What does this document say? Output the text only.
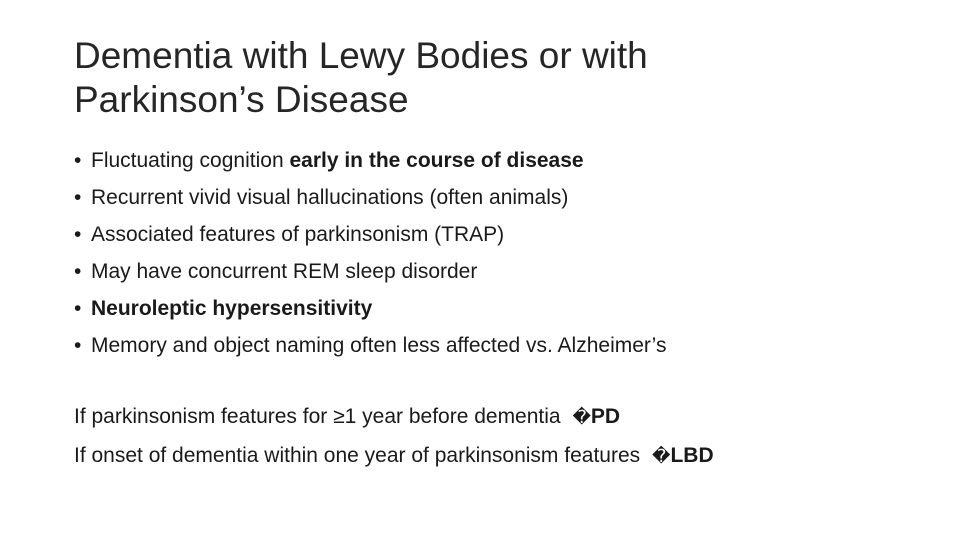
Dementia with Lewy Bodies or with
Parkinson’s Disease
• Fluctuating cognition early in the course of disease
• Recurrent vivid visual hallucinations (often animals)
• Associated features of parkinsonism (TRAP)
• May have concurrent REM sleep disorder
• Neuroleptic hypersensitivity
• Memory and object naming often less affected vs. Alzheimer’s
If parkinsonism features for ≥1 year before dementia �PD
If onset of dementia within one year of parkinsonism features �LBD
